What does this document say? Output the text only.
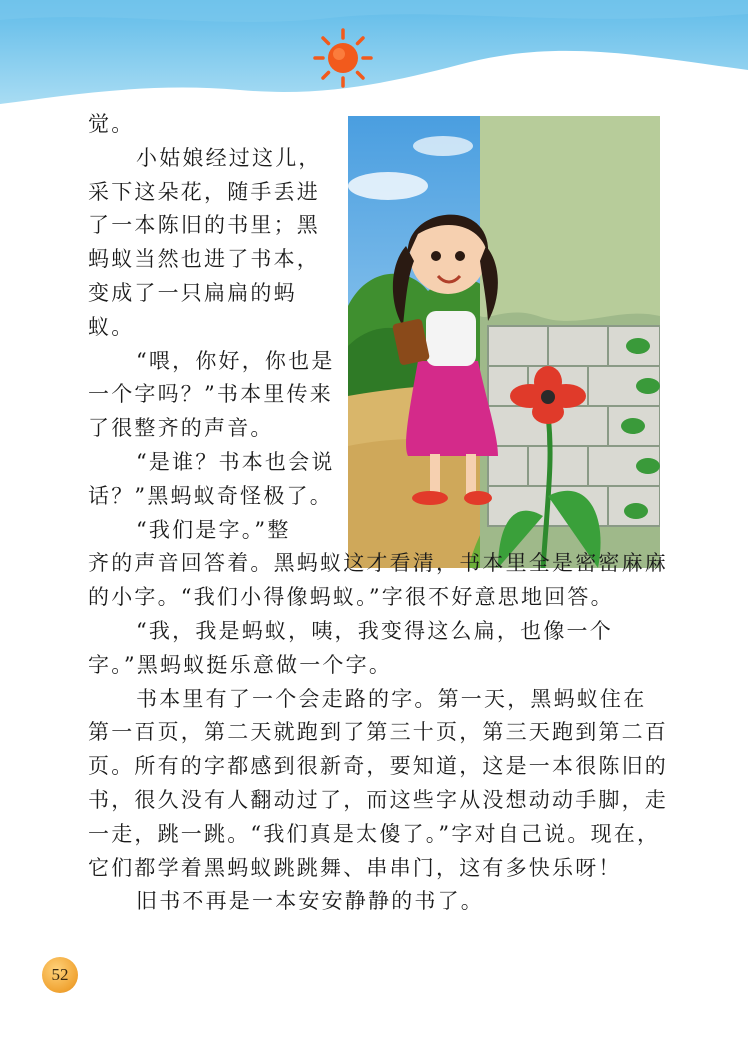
觉。

小姑娘经过这儿，采下这朵花，随手丢进了一本陈旧的书里；黑蚂蚁当然也进了书本，变成了一只扁扁的蚂蚁。

“喂，你好，你也是一个字吗？”书本里传来了很整齐的声音。

“是谁？书本也会说话？”黑蚂蚁奇怪极了。

“我们是字。”整

齐的声音回答着。黑蚂蚁这才看清，书本里全是密密麻麻的小字。“我们小得像蚂蚁。”字很不好意思地回答。

“我，我是蚂蚁，咦，我变得这么扁，也像一个字。”黑蚂蚁挺乐意做一个字。

书本里有了一个会走路的字。第一天，黑蚂蚁住在第一百页，第二天就跑到了第三十页，第三天跑到第二百页。所有的字都感到很新奇，要知道，这是一本很陈旧的书，很久没有人翻动过了，而这些字从没想动动手脚，走一走，跳一跳。“我们真是太傻了。”字对自己说。现在，它们都学着黑蚂蚁跳跳舞、串串门，这有多快乐呀！

旧书不再是一本安安静静的书了。

52
